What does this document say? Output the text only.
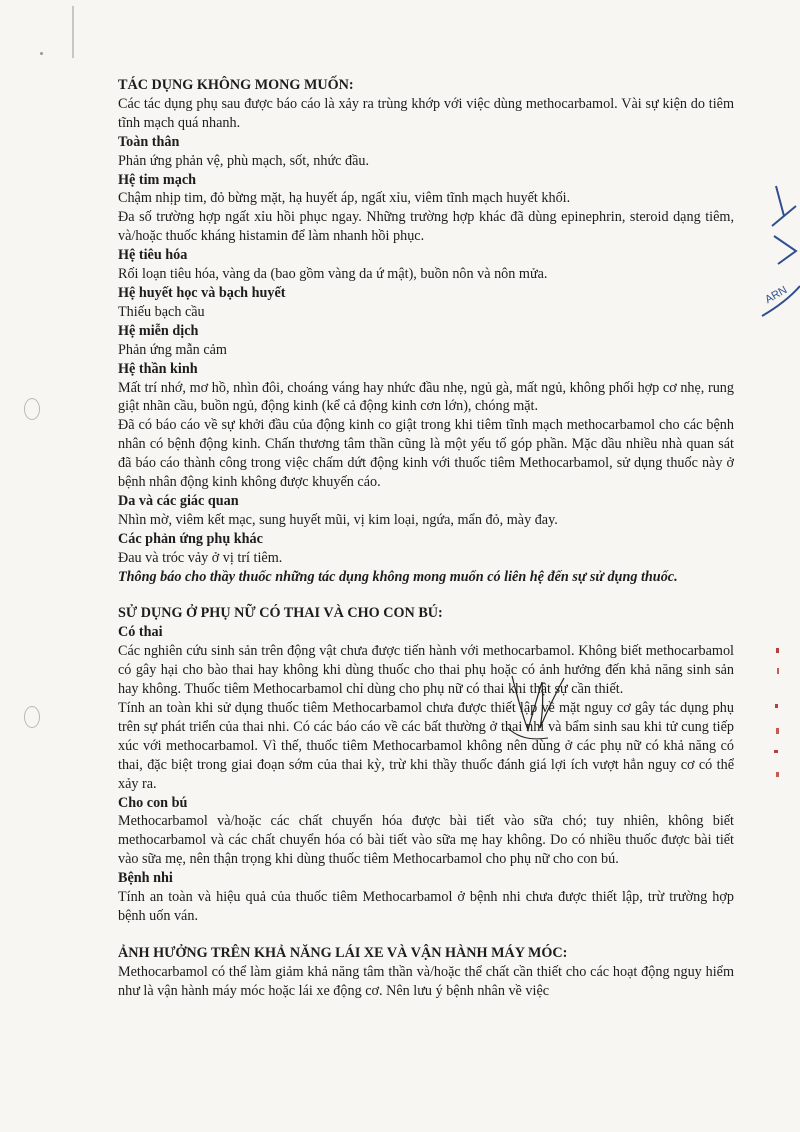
ARN

TÁC DỤNG KHÔNG MONG MUỐN:

Các tác dụng phụ sau được báo cáo là xảy ra trùng khớp với việc dùng methocarbamol. Vài sự kiện do tiêm tĩnh mạch quá nhanh.

Toàn thân

Phản ứng phản vệ, phù mạch, sốt, nhức đầu.

Hệ tim mạch

Chậm nhịp tim, đỏ bừng mặt, hạ huyết áp, ngất xỉu, viêm tĩnh mạch huyết khối.

Đa số trường hợp ngất xỉu hồi phục ngay. Những trường hợp khác đã dùng epinephrin, steroid dạng tiêm, và/hoặc thuốc kháng histamin để làm nhanh hồi phục.

Hệ tiêu hóa

Rối loạn tiêu hóa, vàng da (bao gồm vàng da ứ mật), buồn nôn và nôn mửa.

Hệ huyết học và bạch huyết

Thiếu bạch cầu

Hệ miễn dịch

Phản ứng mẫn cảm

Hệ thần kinh

Mất trí nhớ, mơ hồ, nhìn đôi, choáng váng hay nhức đầu nhẹ, ngủ gà, mất ngủ, không phối hợp cơ nhẹ, rung giật nhãn cầu, buồn ngủ, động kinh (kể cả động kinh cơn lớn), chóng mặt.

Đã có báo cáo về sự khởi đầu của động kinh co giật trong khi tiêm tĩnh mạch methocarbamol cho các bệnh nhân có bệnh động kinh. Chấn thương tâm thần cũng là một yếu tố góp phần. Mặc dầu nhiều nhà quan sát đã báo cáo thành công trong việc chấm dứt động kinh với thuốc tiêm Methocarbamol, sử dụng thuốc này ở bệnh nhân động kinh không được khuyến cáo.

Da và các giác quan

Nhìn mờ, viêm kết mạc, sung huyết mũi, vị kim loại, ngứa, mẩn đỏ, mày đay.

Các phản ứng phụ khác

Đau và tróc vảy ở vị trí tiêm.

Thông báo cho thầy thuốc những tác dụng không mong muốn có liên hệ đến sự sử dụng thuốc.

SỬ DỤNG Ở PHỤ NỮ CÓ THAI VÀ CHO CON BÚ:

Có thai

Các nghiên cứu sinh sản trên động vật chưa được tiến hành với methocarbamol. Không biết methocarbamol có gây hại cho bào thai hay không khi dùng thuốc cho thai phụ hoặc có ảnh hưởng đến khả năng sinh sản hay không. Thuốc tiêm Methocarbamol chỉ dùng cho phụ nữ có thai khi thật sự cần thiết.

Tính an toàn khi sử dụng thuốc tiêm Methocarbamol chưa được thiết lập về mặt nguy cơ gây tác dụng phụ trên sự phát triển của thai nhi. Có các báo cáo về các bất thường ở thai nhi và bẩm sinh sau khi tử cung tiếp xúc với methocarbamol. Vì thế, thuốc tiêm Methocarbamol không nên dùng ở các phụ nữ có khả năng có thai, đặc biệt trong giai đoạn sớm của thai kỳ, trừ khi thầy thuốc đánh giá lợi ích vượt hẳn nguy cơ có thể xảy ra.

Cho con bú

Methocarbamol và/hoặc các chất chuyển hóa được bài tiết vào sữa chó; tuy nhiên, không biết methocarbamol và các chất chuyển hóa có bài tiết vào sữa mẹ hay không. Do có nhiều thuốc được bài tiết vào sữa mẹ, nên thận trọng khi dùng thuốc tiêm Methocarbamol cho phụ nữ cho con bú.

Bệnh nhi

Tính an toàn và hiệu quả của thuốc tiêm Methocarbamol ở bệnh nhi chưa được thiết lập, trừ trường hợp bệnh uốn ván.

ẢNH HƯỞNG TRÊN KHẢ NĂNG LÁI XE VÀ VẬN HÀNH MÁY MÓC:

Methocarbamol có thể làm giảm khả năng tâm thần và/hoặc thể chất cần thiết cho các hoạt động nguy hiểm như là vận hành máy móc hoặc lái xe động cơ. Nên lưu ý bệnh nhân về việc
